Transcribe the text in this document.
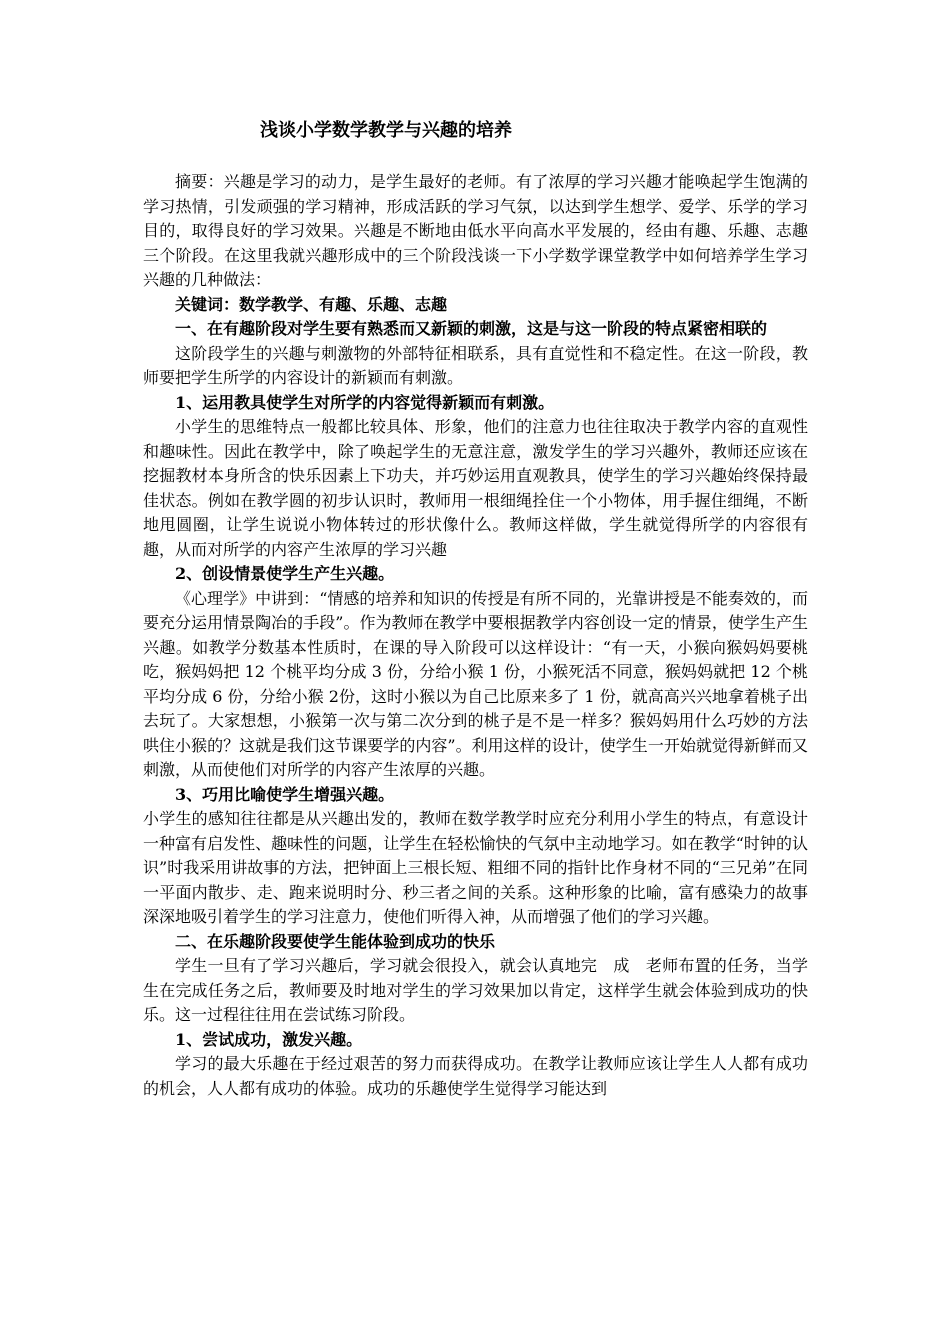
浅谈小学数学教学与兴趣的培养

摘要：兴趣是学习的动力，是学生最好的老师。有了浓厚的学习兴趣才能唤起学生饱满的学习热情，引发顽强的学习精神，形成活跃的学习气氛，以达到学生想学、爱学、乐学的学习目的，取得良好的学习效果。兴趣是不断地由低水平向高水平发展的，经由有趣、乐趣、志趣三个阶段。在这里我就兴趣形成中的三个阶段浅谈一下小学数学课堂教学中如何培养学生学习兴趣的几种做法：

关键词：数学教学、有趣、乐趣、志趣

一、在有趣阶段对学生要有熟悉而又新颖的刺激，这是与这一阶段的特点紧密相联的

这阶段学生的兴趣与刺激物的外部特征相联系，具有直觉性和不稳定性。在这一阶段，教师要把学生所学的内容设计的新颖而有刺激。

1、运用教具使学生对所学的内容觉得新颖而有刺激。

小学生的思维特点一般都比较具体、形象，他们的注意力也往往取决于教学内容的直观性和趣味性。因此在教学中，除了唤起学生的无意注意，激发学生的学习兴趣外，教师还应该在挖掘教材本身所含的快乐因素上下功夫，并巧妙运用直观教具，使学生的学习兴趣始终保持最佳状态。例如在教学圆的初步认识时，教师用一根细绳拴住一个小物体，用手握住细绳，不断地甩圆圈，让学生说说小物体转过的形状像什么。教师这样做，学生就觉得所学的内容很有趣，从而对所学的内容产生浓厚的学习兴趣

2、创设情景使学生产生兴趣。

《心理学》中讲到：“情感的培养和知识的传授是有所不同的，光靠讲授是不能奏效的，而要充分运用情景陶冶的手段”。作为教师在教学中要根据教学内容创设一定的情景，使学生产生兴趣。如教学分数基本性质时，在课的导入阶段可以这样设计：“有一天，小猴向猴妈妈要桃吃，猴妈妈把 12 个桃平均分成 3 份，分给小猴 1 份，小猴死活不同意，猴妈妈就把 12 个桃平均分成 6 份，分给小猴 2份，这时小猴以为自己比原来多了 1 份，就高高兴兴地拿着桃子出去玩了。大家想想，小猴第一次与第二次分到的桃子是不是一样多？猴妈妈用什么巧妙的方法哄住小猴的？这就是我们这节课要学的内容”。利用这样的设计，使学生一开始就觉得新鲜而又刺激，从而使他们对所学的内容产生浓厚的兴趣。

3、巧用比喻使学生增强兴趣。

小学生的感知往往都是从兴趣出发的，教师在数学教学时应充分利用小学生的特点，有意设计一种富有启发性、趣味性的问题，让学生在轻松愉快的气氛中主动地学习。如在教学“时钟的认识”时我采用讲故事的方法，把钟面上三根长短、粗细不同的指针比作身材不同的“三兄弟”在同一平面内散步、走、跑来说明时分、秒三者之间的关系。这种形象的比喻，富有感染力的故事深深地吸引着学生的学习注意力，使他们听得入神，从而增强了他们的学习兴趣。

二、在乐趣阶段要使学生能体验到成功的快乐

学生一旦有了学习兴趣后，学习就会很投入，就会认真地完　成　老师布置的任务，当学生在完成任务之后，教师要及时地对学生的学习效果加以肯定，这样学生就会体验到成功的快乐。这一过程往往用在尝试练习阶段。

1、尝试成功，激发兴趣。

学习的最大乐趣在于经过艰苦的努力而获得成功。在教学让教师应该让学生人人都有成功的机会，人人都有成功的体验。成功的乐趣使学生觉得学习能达到
